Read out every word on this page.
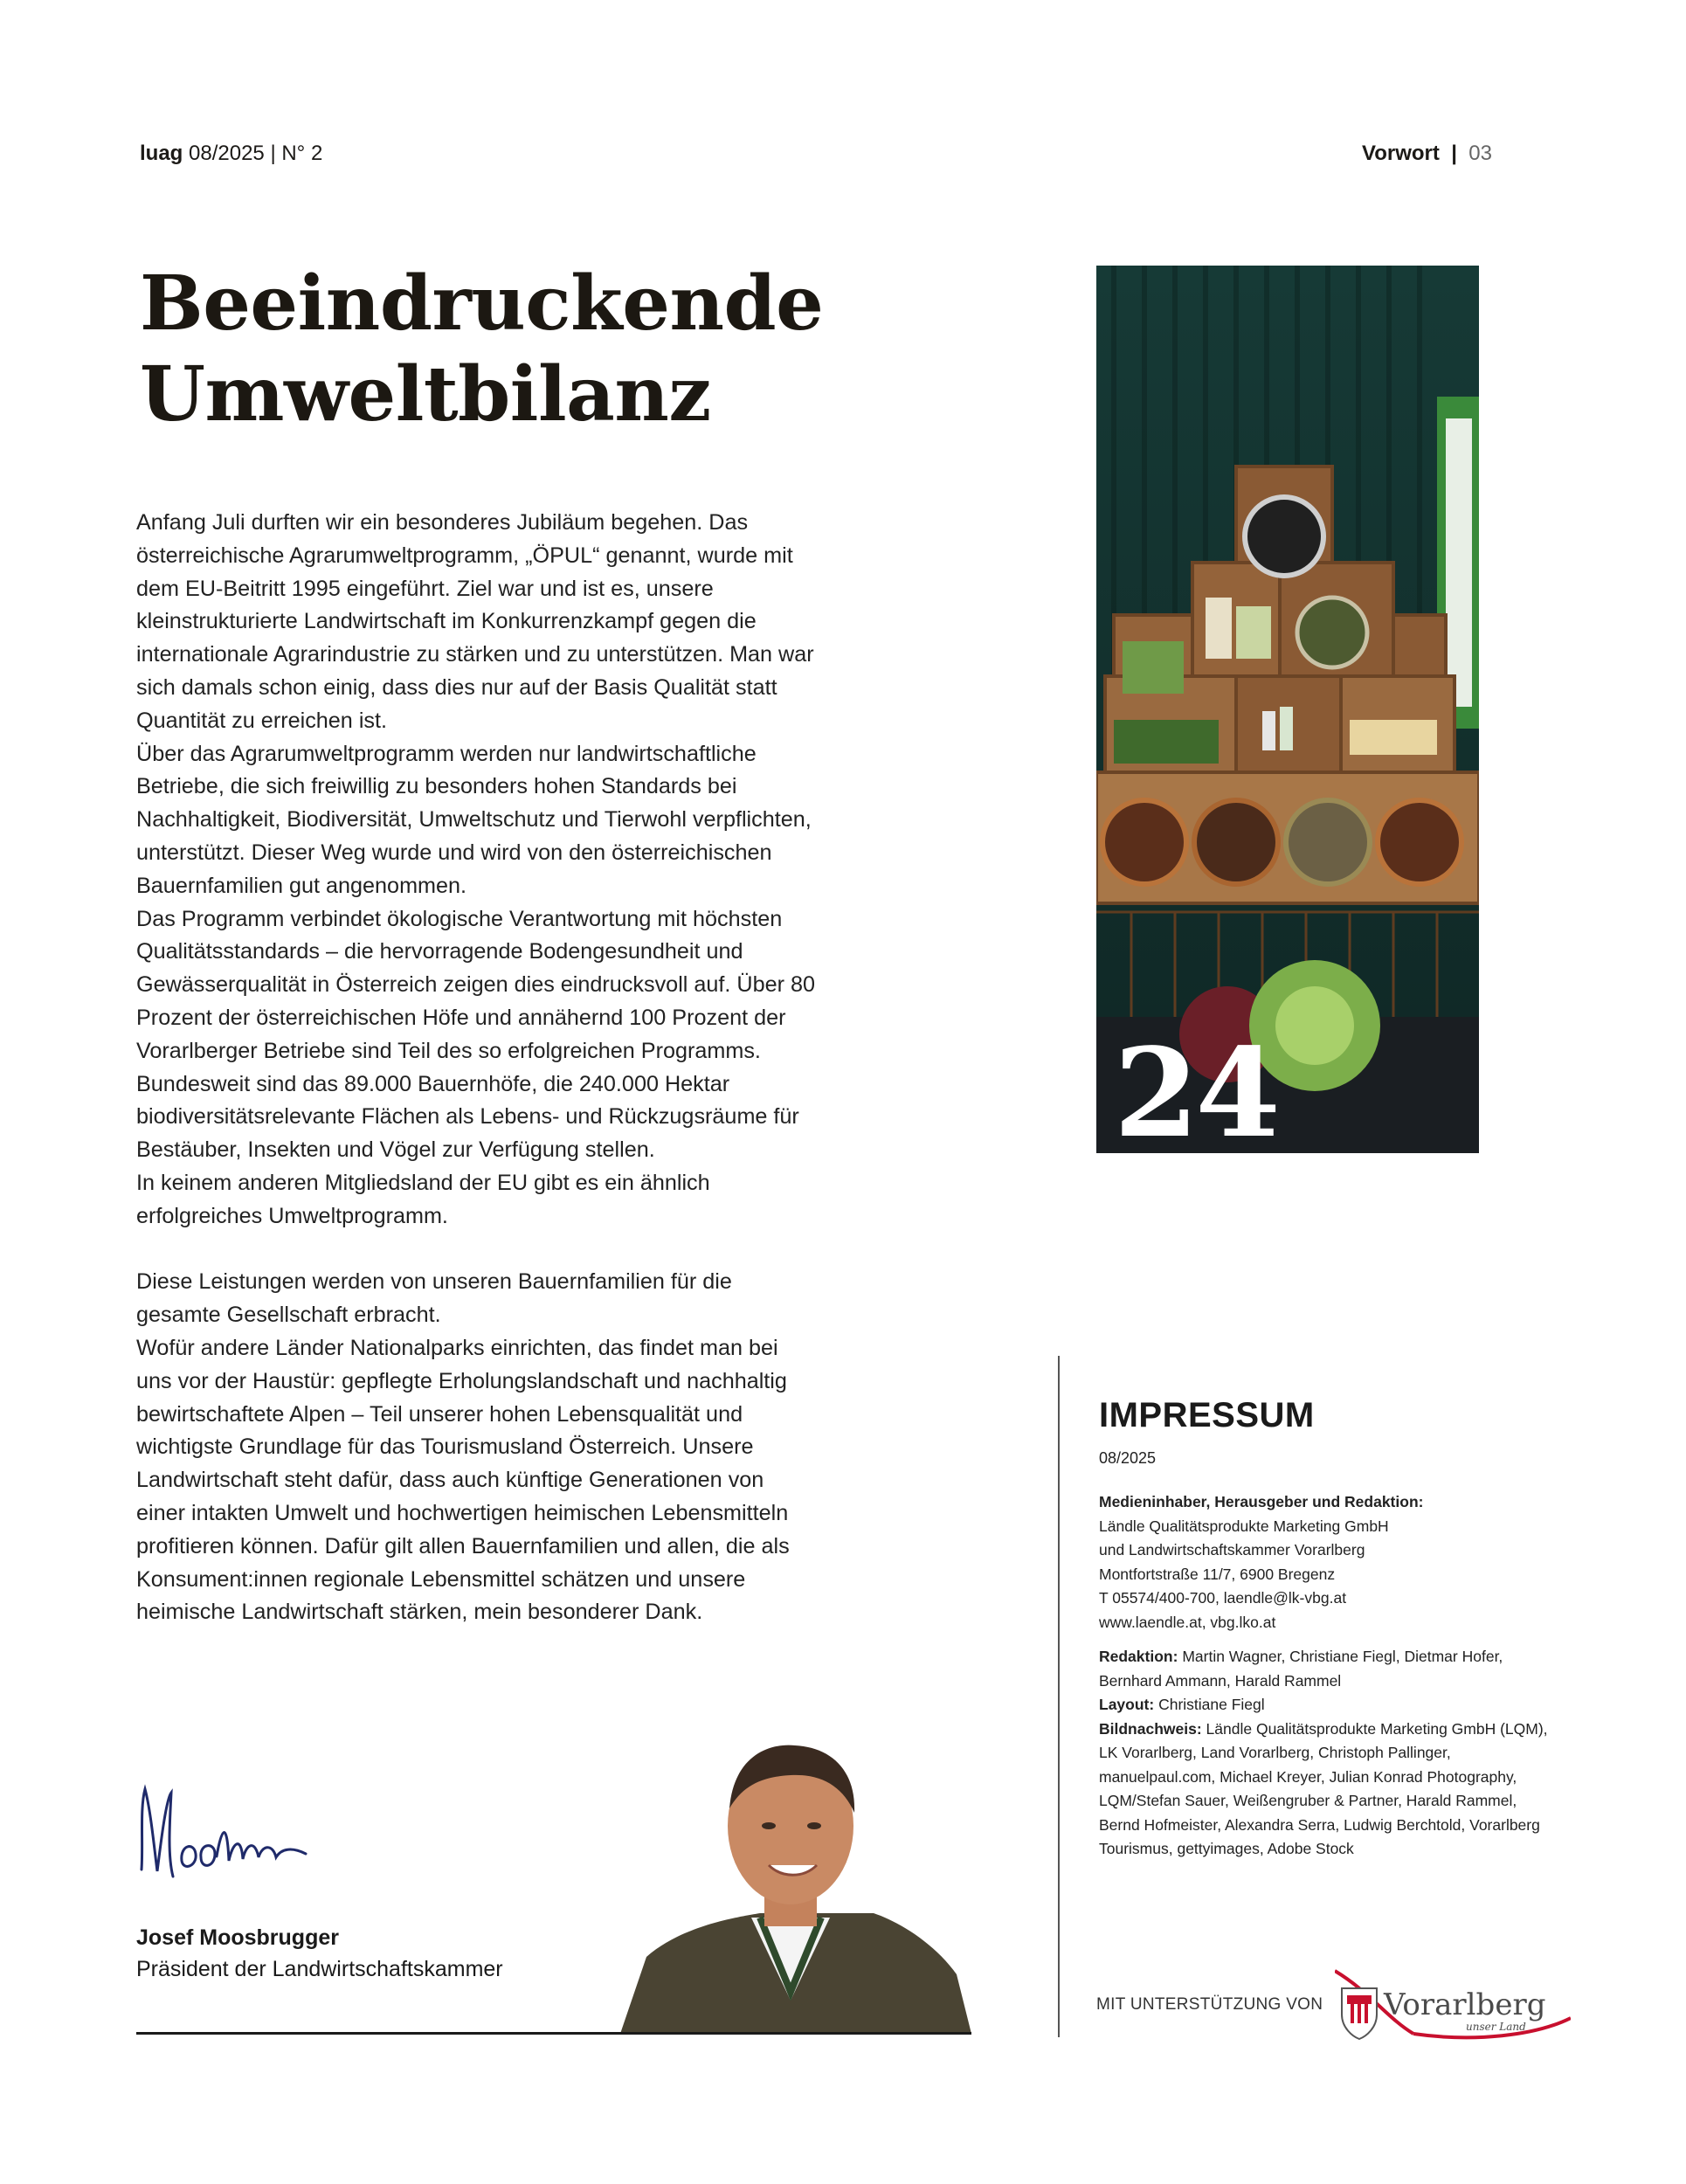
luag 08/2025 | N° 2	Vorwort | 03
Beeindruckende
Umweltbilanz

Anfang Juli durften wir ein besonderes Jubiläum begehen. Das österreichische Agrarumweltprogramm, „ÖPUL“ genannt, wurde mit dem EU-Beitritt 1995 eingeführt. Ziel war und ist es, unsere kleinstrukturierte Landwirtschaft im Konkurrenzkampf gegen die internationale Agrarindustrie zu stärken und zu unterstützen. Man war sich damals schon einig, dass dies nur auf der Basis Qualität statt Quantität zu erreichen ist.

Über das Agrarumweltprogramm werden nur landwirtschaftliche Betriebe, die sich freiwillig zu besonders hohen Standards bei Nachhaltigkeit, Biodiversität, Umweltschutz und Tierwohl verpflichten, unterstützt. Dieser Weg wurde und wird von den österreichischen Bauernfamilien gut angenommen.

Das Programm verbindet ökologische Verantwortung mit höchsten Qualitätsstandards – die hervorragende Bodengesundheit und Gewässerqualität in Österreich zeigen dies eindrucksvoll auf. Über 80 Prozent der österreichischen Höfe und annähernd 100 Prozent der Vorarlberger Betriebe sind Teil des so erfolgreichen Programms.

Bundesweit sind das 89.000 Bauernhöfe, die 240.000 Hektar biodiversitätsrelevante Flächen als Lebens- und Rückzugsräume für Bestäuber, Insekten und Vögel zur Verfügung stellen.

In keinem anderen Mitgliedsland der EU gibt es ein ähnlich erfolgreiches Umweltprogramm.

Diese Leistungen werden von unseren Bauernfamilien für die gesamte Gesellschaft erbracht.

Wofür andere Länder Nationalparks einrichten, das findet man bei uns vor der Haustür: gepflegte Erholungslandschaft und nachhaltig bewirtschaftete Alpen – Teil unserer hohen Lebensqualität und wichtigste Grundlage für das Tourismusland Österreich. Unsere Landwirtschaft steht dafür, dass auch künftige Generationen von einer intakten Umwelt und hochwertigen heimischen Lebensmitteln profitieren können. Dafür gilt allen Bauernfamilien und allen, die als Konsument:innen regionale Lebensmittel schätzen und unsere heimische Landwirtschaft stärken, mein besonderer Dank.

24
IMPRESSUM
08/2025
Medieninhaber, Herausgeber und Redaktion:
Ländle Qualitätsprodukte Marketing GmbH
und Landwirtschaftskammer Vorarlberg
Montfortstraße 11/7, 6900 Bregenz
T 05574/400-700, laendle@lk-vbg.at
www.laendle.at, vbg.lko.at
Redaktion: Martin Wagner, Christiane Fiegl, Dietmar Hofer, Bernhard Ammann, Harald Rammel
Layout: Christiane Fiegl
Bildnachweis: Ländle Qualitätsprodukte Marketing GmbH (LQM), LK Vorarlberg, Land Vorarlberg, Christoph Pallinger, manuelpaul.com, Michael Kreyer, Julian Konrad Photography, LQM/Stefan Sauer, Weißengruber & Partner, Harald Rammel, Bernd Hofmeister, Alexandra Serra, Ludwig Berchtold, Vorarlberg Tourismus, gettyimages, Adobe Stock
Josef Moosbrugger
Präsident der Landwirtschaftskammer
MIT UNTERSTÜTZUNG VON Vorarlberg
unser Land
